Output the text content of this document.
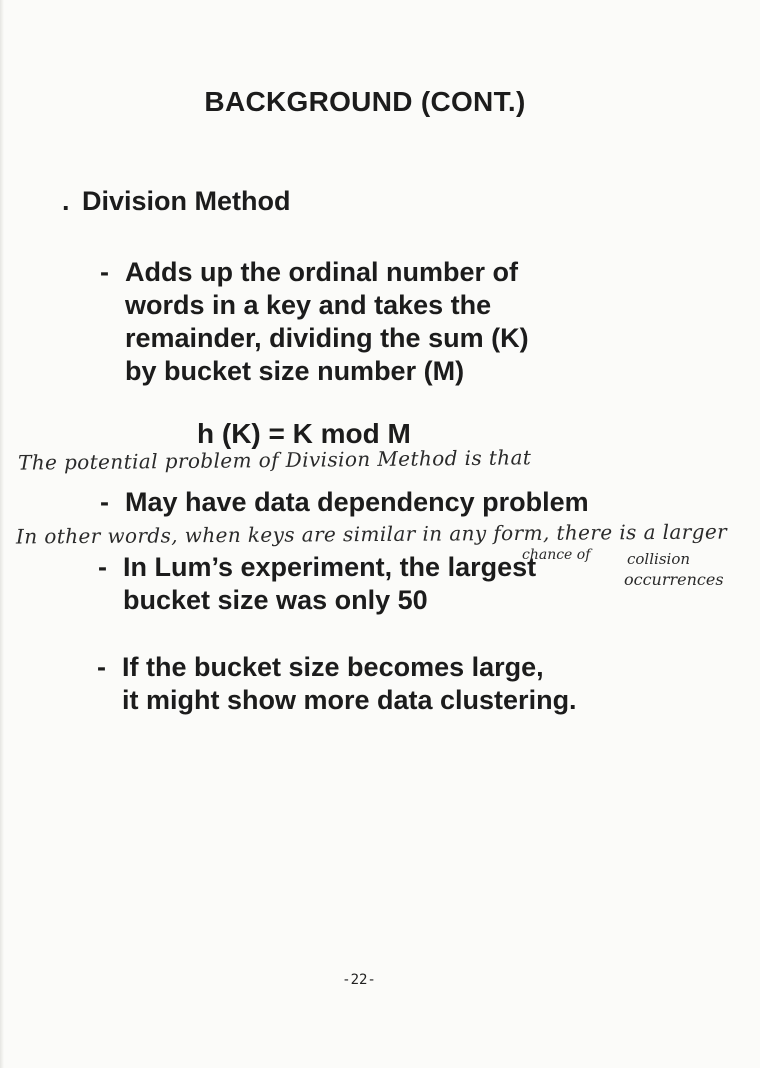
BACKGROUND (CONT.)
. Division Method
- Adds up the ordinal number of
words in a key and takes the
remainder, dividing the sum (K)
by bucket size number (M)
h (K) = K mod M
The potential problem of Division Method is that
- May have data dependency problem
In other words, when keys are similar in any form, there is a larger
- In Lum’s experiment, the largest
bucket size was only 50
chance of collision
occurrences
- If the bucket size becomes large,
it might show more data clustering.
-22-
